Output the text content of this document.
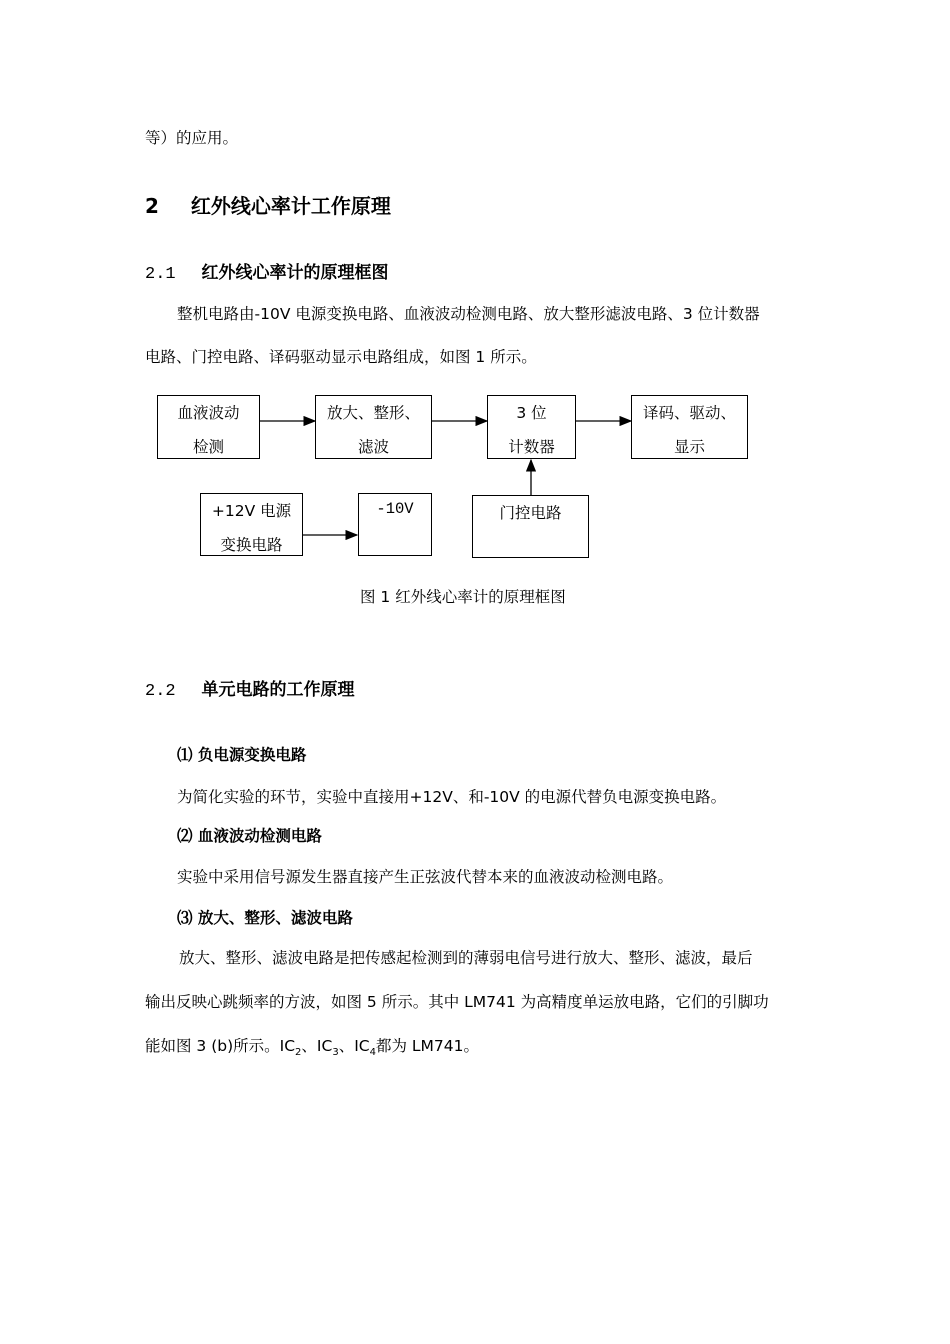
等）的应用。
2 红外线心率计工作原理
2.1 红外线心率计的原理框图
整机电路由-10V 电源变换电路、血液波动检测电路、放大整形滤波电路、3 位计数器
电路、门控电路、译码驱动显示电路组成，如图 1 所示。
血液波动
检测
放大、整形、
滤波
3 位
计数器
译码、驱动、
显示
+12V 电源
变换电路
-10V	门控电路
图 1 红外线心率计的原理框图
2.2 单元电路的工作原理
⑴ 负电源变换电路
为简化实验的环节，实验中直接用+12V、和-10V 的电源代替负电源变换电路。
⑵ 血液波动检测电路
实验中采用信号源发生器直接产生正弦波代替本来的血液波动检测电路。
⑶ 放大、整形、滤波电路
放大、整形、滤波电路是把传感起检测到的薄弱电信号进行放大、整形、滤波，最后
输出反映心跳频率的方波，如图 5 所示。其中 LM741 为高精度单运放电路，它们的引脚功
能如图 3 (b)所示。$IC_2$、$IC_3$、$IC_4$都为 LM741。
